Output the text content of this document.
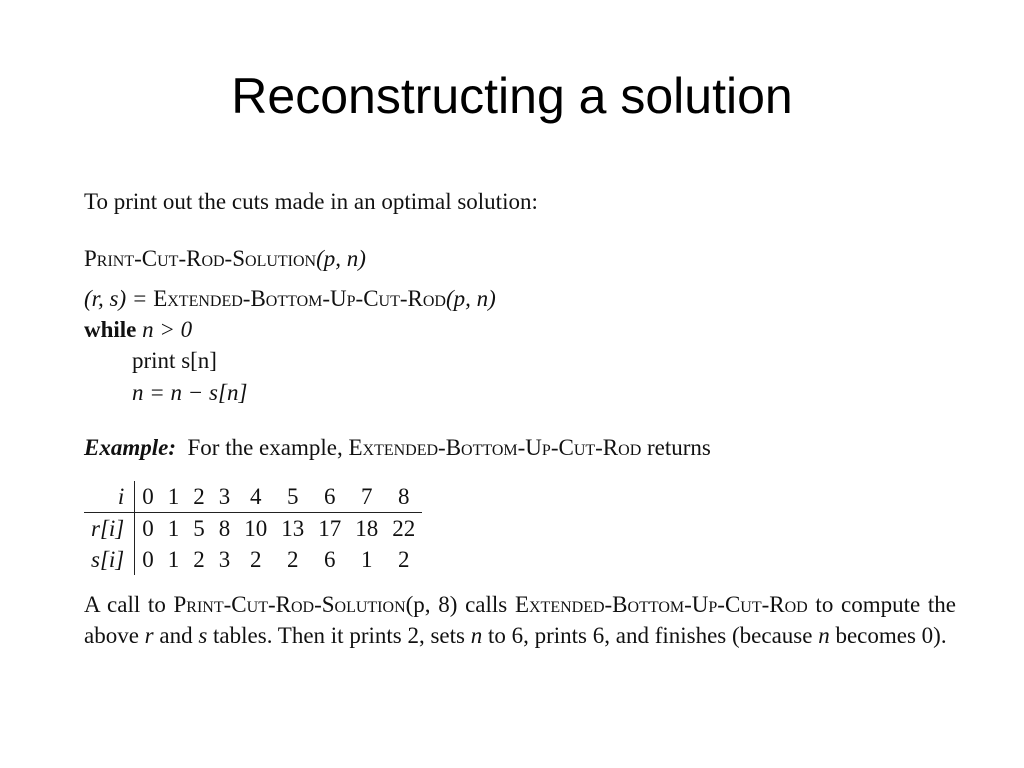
Reconstructing a solution
To print out the cuts made in an optimal solution:
Print-Cut-Rod-Solution(p, n)
(r, s) = Extended-Bottom-Up-Cut-Rod(p, n)
while n > 0
print s[n]
n = n − s[n]
Example: For the example, Extended-Bottom-Up-Cut-Rod returns
i	0	1	2	3	4	5	6	7	8
r[i]	0	1	5	8	10	13	17	18	22
s[i]	0	1	2	3	2	2	6	1	2
A call to Print-Cut-Rod-Solution(p, 8) calls Extended-Bottom-Up-Cut-Rod to compute the above r and s tables. Then it prints 2, sets n to 6, prints 6, and finishes (because n becomes 0).
